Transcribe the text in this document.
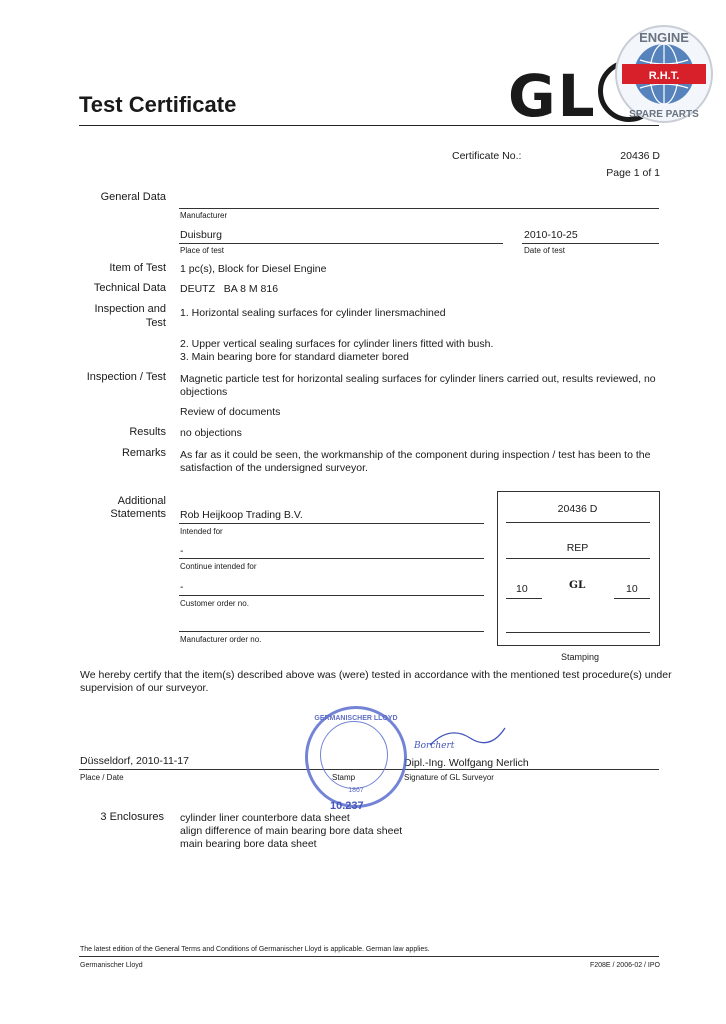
Test Certificate	GL
ENGINE
R.H.T.
SPARE PARTS
Certificate No.:	20436 D
Page 1 of 1
General Data
Manufacturer
Duisburg
Place of test
2010-10-25
Date of test
Item of Test 1 pc(s), Block for Diesel Engine
Technical Data DEUTZ   BA 8 M 816
Inspection and
Test
1. Horizontal sealing surfaces for cylinder linersmachined
2. Upper vertical sealing surfaces for cylinder liners fitted with bush.
3. Main bearing bore for standard diameter bored
Inspection / Test Magnetic particle test for horizontal sealing surfaces for cylinder liners carried out, results reviewed, no
objections
Review of documents
Results no objections
Remarks As far as it could be seen, the workmanship of the component during inspection / test has been to the
satisfaction of the undersigned surveyor.
Additional
Statements Rob Heijkoop Trading B.V.
Intended for
-
Continue intended for
-
Customer order no.
Manufacturer order no.
20436 D
REP
10	GL	10
Stamping
We hereby certify that the item(s) described above was (were) tested in accordance with the mentioned test procedure(s) under
supervision of our surveyor.
Düsseldorf, 2010-11-17
Place / Date	Stamp
Dipl.-Ing. Wolfgang Nerlich
Signature of GL Surveyor
Borchert
GERMANISCHER LLOYD
1867
10.237
3 Enclosures cylinder liner counterbore data sheet
align difference of main bearing bore data sheet
main bearing bore data sheet
The latest edition of the General Terms and Conditions of Germanischer Lloyd is applicable. German law applies.
Germanischer Lloyd	F208E / 2006-02 / IPO
